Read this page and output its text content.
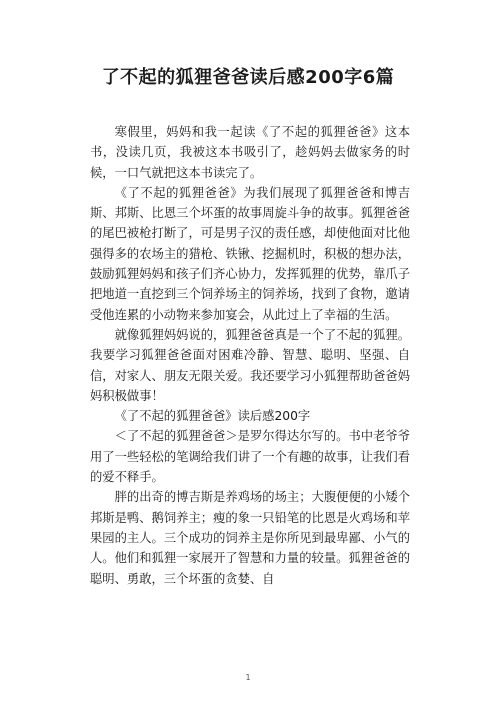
了不起的狐狸爸爸读后感200字6篇

寒假里，妈妈和我一起读《了不起的狐狸爸爸》这本书，没读几页，我被这本书吸引了，趁妈妈去做家务的时候，一口气就把这本书读完了。

《了不起的狐狸爸爸》为我们展现了狐狸爸爸和博吉斯、邦斯、比恩三个坏蛋的故事周旋斗争的故事。狐狸爸爸的尾巴被枪打断了，可是男子汉的责任感，却使他面对比他强得多的农场主的猎枪、铁锹、挖掘机时，积极的想办法，鼓励狐狸妈妈和孩子们齐心协力，发挥狐狸的优势，靠爪子把地道一直挖到三个饲养场主的饲养场，找到了食物，邀请受他连累的小动物来参加宴会，从此过上了幸福的生活。

就像狐狸妈妈说的，狐狸爸爸真是一个了不起的狐狸。我要学习狐狸爸爸面对困难冷静、智慧、聪明、坚强、自信，对家人、朋友无限关爱。我还要学习小狐狸帮助爸爸妈妈积极做事！

《了不起的狐狸爸爸》读后感200字

＜了不起的狐狸爸爸＞是罗尔得达尔写的。书中老爷爷用了一些轻松的笔调给我们讲了一个有趣的故事，让我们看的爱不释手。

胖的出奇的博吉斯是养鸡场的场主；大腹便便的小矮个邦斯是鸭、鹅饲养主；瘦的象一只铅笔的比恩是火鸡场和苹果园的主人。三个成功的饲养主是你所见到最卑鄙、小气的人。他们和狐狸一家展开了智慧和力量的较量。狐狸爸爸的聪明、勇敢，三个坏蛋的贪婪、自

1
